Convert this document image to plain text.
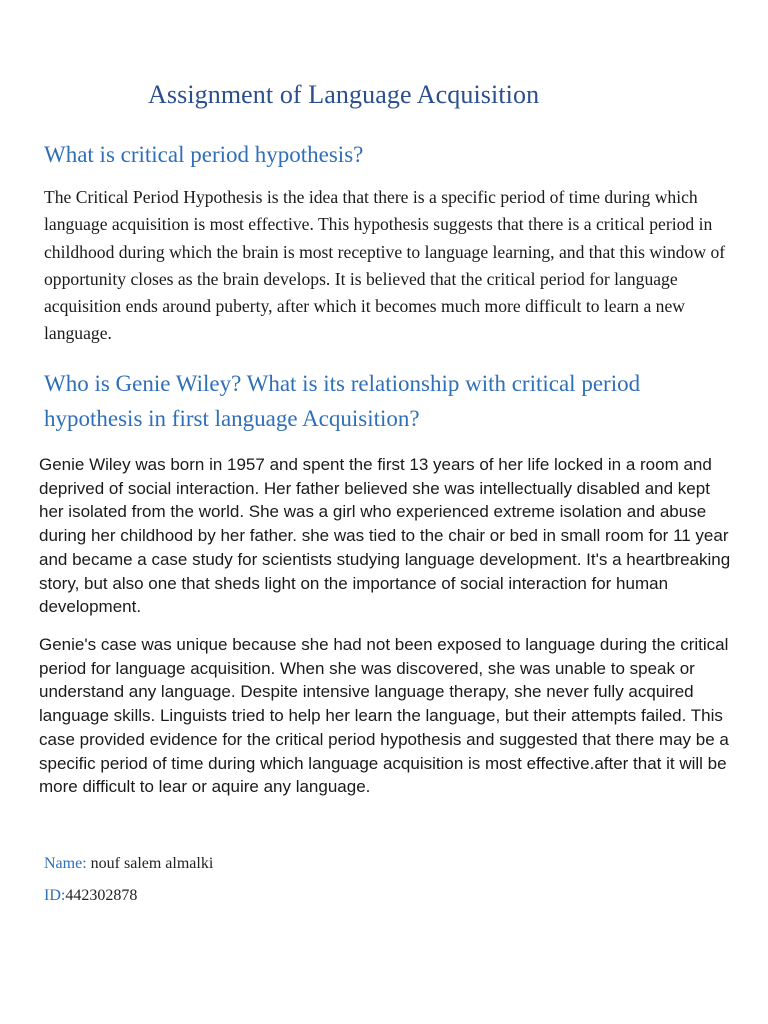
Assignment of Language Acquisition
What is critical period hypothesis?

The Critical Period Hypothesis is the idea that there is a specific period of time during which language acquisition is most effective. This hypothesis suggests that there is a critical period in childhood during which the brain is most receptive to language learning, and that this window of opportunity closes as the brain develops. It is believed that the critical period for language acquisition ends around puberty, after which it becomes much more difficult to learn a new language.

Who is Genie Wiley? What is its relationship with critical period hypothesis in first language Acquisition?

Genie Wiley was born in 1957 and spent the first 13 years of her life locked in a room and deprived of social interaction. Her father believed she was intellectually disabled and kept her isolated from the world. She was a girl who experienced extreme isolation and abuse during her childhood by her father. she was tied to the chair or bed in small room for 11 year and became a case study for scientists studying language development. It's a heartbreaking story, but also one that sheds light on the importance of social interaction for human development.

Genie's case was unique because she had not been exposed to language during the critical period for language acquisition. When she was discovered, she was unable to speak or understand any language. Despite intensive language therapy, she never fully acquired language skills. Linguists tried to help her learn the language, but their attempts failed. This case provided evidence for the critical period hypothesis and suggested that there may be a specific period of time during which language acquisition is most effective.after that it will be more difficult to lear or aquire any language.

Name: nouf salem almalki

ID:442302878
